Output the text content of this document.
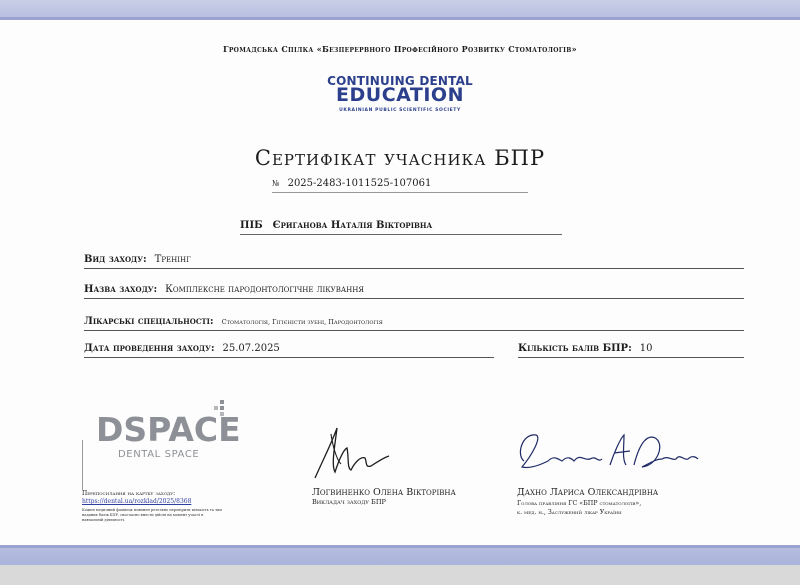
Громадська Спілка «Безперервного Професійного Розвитку Стоматологів»
CONTINUING DENTAL
EDUCATION
UKRAINIAN PUBLIC SCIENTIFIC SOCIETY
Сертифікат учасника БПР
№ 2025-2483-1011525-107061
ПІБ Єриганова Наталія Вікторівна
Вид заходу: Тренінг
Назва заходу: Комплексне пародонтологічне лікування
Лікарські спеціальності: Стоматологія, Гігієністи зубні, Пародонтологія
Дата проведення заходу: 25.07.2025	Кількість балів БПР: 10
DSPACE
DENTAL SPACE
Перепосилання на картку заходу:
https://dental.ua/rozklad/2025/8368
Кожен медичний фахівець повинен ретельно перевірити кількість та тип наданих балів БПР, своєчасно внести дійсні на момент участі в навчальній діяльності.
Логвиненко Олена Вікторівна
Викладач заходу БПР
Дахно Лариса Олександрівна
Голова правління ГС «БПР стоматологів»,
к. мед. н., Заслужений лікар України
